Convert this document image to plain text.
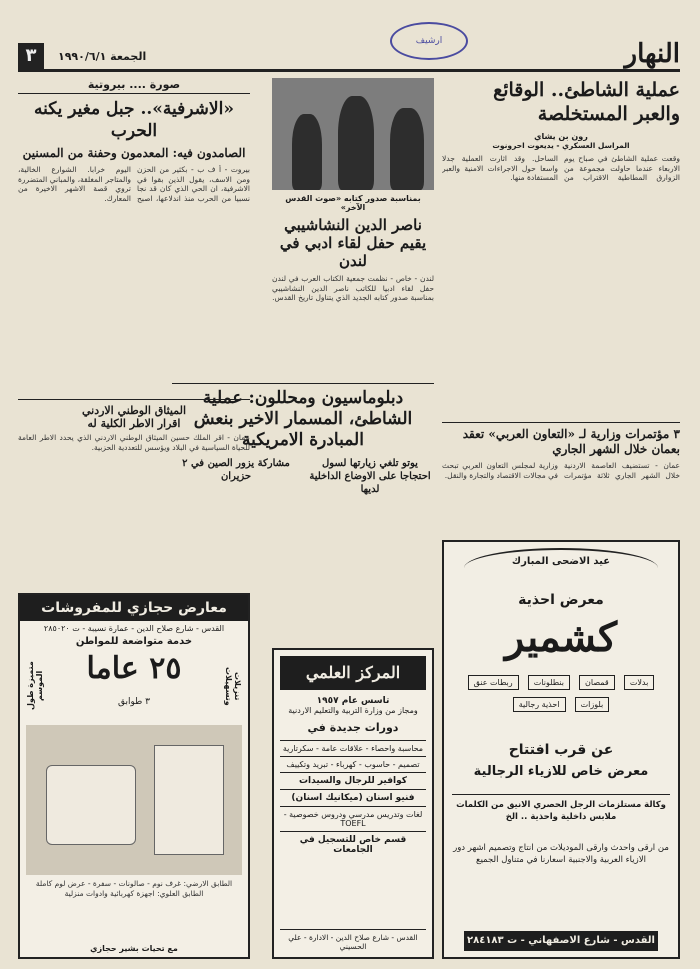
ارشيف	النهار
٣	الجمعة ١٩٩٠/٦/١
عملية الشاطئ.. الوقائع والعبر المستخلصة
رون بن يشاي
المراسل العسكري - يديعوت احرونوت
وقعت عملية الشاطئ في صباح يوم الاربعاء عندما حاولت مجموعة من الزوارق المطاطية الاقتراب من الساحل. وقد اثارت العملية جدلا واسعا حول الاجراءات الامنية والعبر المستفادة منها.
٣ مؤتمرات وزارية لـ «التعاون العربي» تعقد بعمان خلال الشهر الجاري
عمان - تستضيف العاصمة الاردنية خلال الشهر الجاري ثلاثة مؤتمرات وزارية لمجلس التعاون العربي تبحث في مجالات الاقتصاد والتجارة والنقل.
عيد الاضحى المبارك
معرض احذية
كشمير
بدلات قمصان بنطلونات ربطات عنق بلوزات احذية رجالية
عن قرب افتتاح
معرض خاص للازياء الرجالية
وكالة مستلزمات الرجل الحصري الانيق من الكلمات ملابس داخلية واحذية .. الخ
من ارقى واحدث وارقى الموديلات من انتاج وتصميم اشهر دور الازياء العربية والاجنبية اسعارنا في متناول الجميع
القدس - شارع الاصفهاني - ت ٢٨٤١٨٣
بمناسبة صدور كتابه «صوت القدس الآخر»
ناصر الدين النشاشيبي يقيم حفل لقاء ادبي في لندن
لندن - خاص - نظمت جمعية الكتاب العرب في لندن حفل لقاء ادبيا للكاتب ناصر الدين النشاشيبي بمناسبة صدور كتابه الجديد الذي يتناول تاريخ القدس.
دبلوماسيون ومحللون: عملية الشاطئ، المسمار الاخير بنعش المبادرة الامريكية
يوتو تلغي زيارتها لسول احتجاجا على الاوضاع الداخلية لديها
مشاركة يزور الصين في ٢ حزيران
المركز العلمي
تاسس عام ١٩٥٧
ومجاز من وزارة التربية والتعليم الاردنية
دورات جديدة في
محاسبة واحصاء - علاقات عامة - سكرتارية
تصميم - حاسوب - كهرباء - تبريد وتكييف
كوافير للرجال والسيدات
فنيو اسنان (ميكانيك اسنان)
لغات وتدريس مدرسي ودروس خصوصية - TOEFL
قسم خاص للتسجيل في الجامعات
القدس - شارع صلاح الدين - الادارة - علي الحسيني
صورة .... بيروتية
«الاشرفية».. جبل مغير يكنه الحرب
الصامدون فيه: المعدمون وحفنة من المسنين
بيروت - أ ف ب - بكثير من الحزن ومن الاسف، يقول الذين بقوا في الاشرفية، ان الحي الذي كان قد نجا نسبيا من الحرب منذ اندلاعها، اصبح اليوم خرابا. الشوارع الخالية، والمتاجر المغلقة، والمباني المتضررة تروي قصة الاشهر الاخيرة من المعارك.
الميثاق الوطني الاردني
اقرار الاطر الكلية له
عمان - اقر الملك حسين الميثاق الوطني الاردني الذي يحدد الاطر العامة للحياة السياسية في البلاد ويؤسس للتعددية الحزبية.
معارض حجازي للمفروشات
القدس - شارع صلاح الدين - عمارة نسيبة - ت ٢٨٥٠٢٠
خدمة متواضعة للمواطن
٢٥ عاما
٣ طوابق
متميزة طول الموسم	تنزيلات وتسهيلات
الطابق الارضي: غرف نوم - صالونات - سفرة - عرض لوم كاملة الطابق العلوي: اجهزة كهربائية وادوات منزلية
مع تحيات بشير حجازي
